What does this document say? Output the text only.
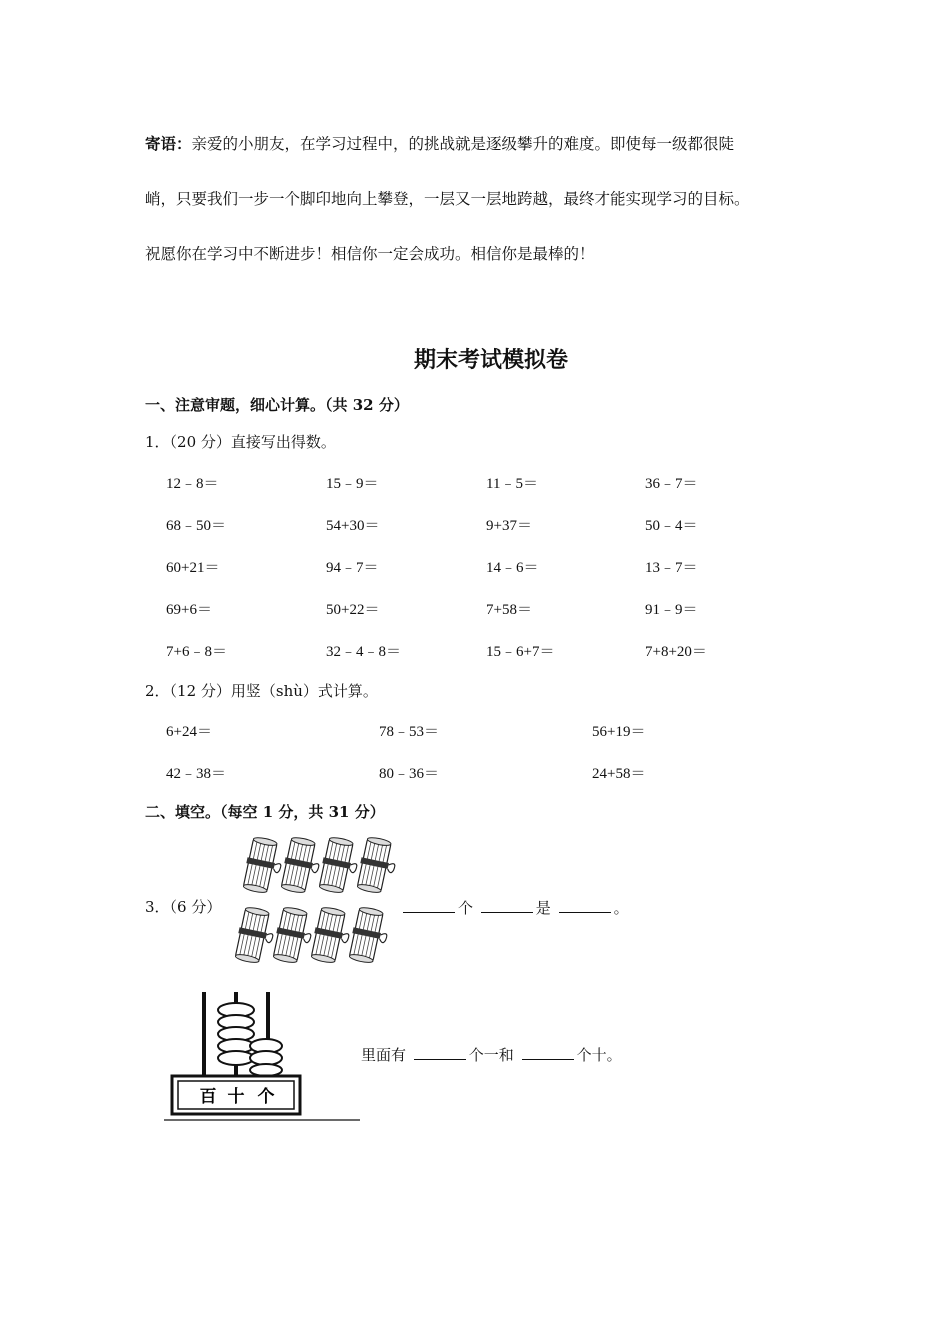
寄语：亲爱的小朋友，在学习过程中，的挑战就是逐级攀升的难度。即使每一级都很陡
峭，只要我们一步一个脚印地向上攀登，一层又一层地跨越，最终才能实现学习的目标。
祝愿你在学习中不断进步！相信你一定会成功。相信你是最棒的！
期末考试模拟卷
一、注意审题，细心计算。（共 32 分）
1．（20 分）直接写出得数。
12﹣8＝	15﹣9＝	11﹣5＝	36﹣7＝
68﹣50＝	54+30＝	9+37＝	50﹣4＝
60+21＝	94﹣7＝	14﹣6＝	13﹣7＝
69+6＝	50+22＝	7+58＝	91﹣9＝
7+6﹣8＝	32﹣4﹣8＝	15﹣6+7＝	7+8+20＝
2．（12 分）用竖（shù）式计算。
6+24＝	78﹣53＝	56+19＝
42﹣38＝	80﹣36＝	24+58＝
二、填空。（每空 1 分，共 31 分）
3．（6 分）	个	是	。
百 十 个
里面有	个一和	个十。
